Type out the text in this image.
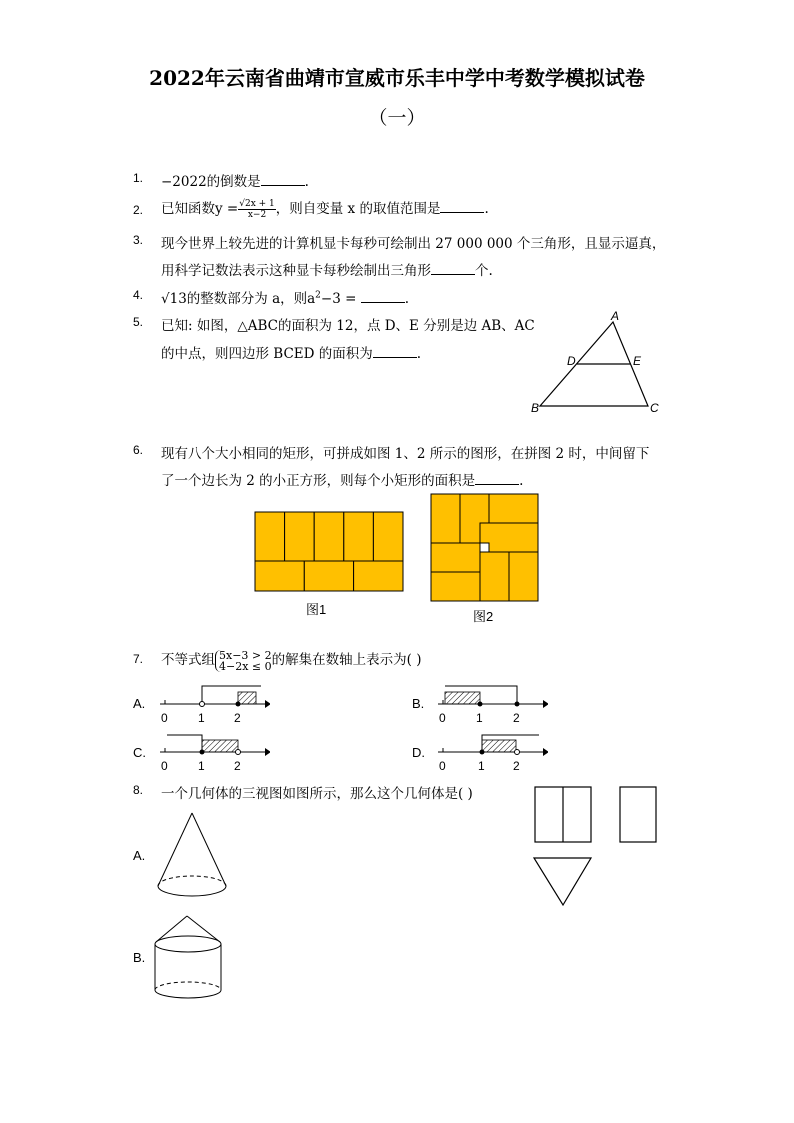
2022年云南省曲靖市宣威市乐丰中学中考数学模拟试卷
（一）
1. −2022的倒数是	.
2. 已知函数$y = \frac{√2x + 1}{x-2}$ ，则自变量 x 的取值范围是	.
3. 现今世界上较先进的计算机显卡每秒可绘制出 27 000 000 个三角形，且显示逼真，
用科学记数法表示这种显卡每秒绘制出三角形	个.
4. √13的整数部分为 a，则$a^2-3$ =	.
5. 已知: 如图，△ABC的面积为 12，点 D、E 分别是边 AB、AC
的中点，则四边形 BCED 的面积为	.
A
D	E
B	C
6. 现有八个大小相同的矩形，可拼成如图 1、2 所示的图形，在拼图 2 时，中间留下
了一个边长为 2 的小正方形，则每个小矩形的面积是	.
图1	图2
7. 不等式组 5x−3 > 2
4−2x ≤ 0 的解集在数轴上表示为( )
A.
0	1 2
B.
0	1	2
C.
0	1 2
D.
0	1 2
8. 一个几何体的三视图如图所示，那么这个几何体是( )
A.
B.
